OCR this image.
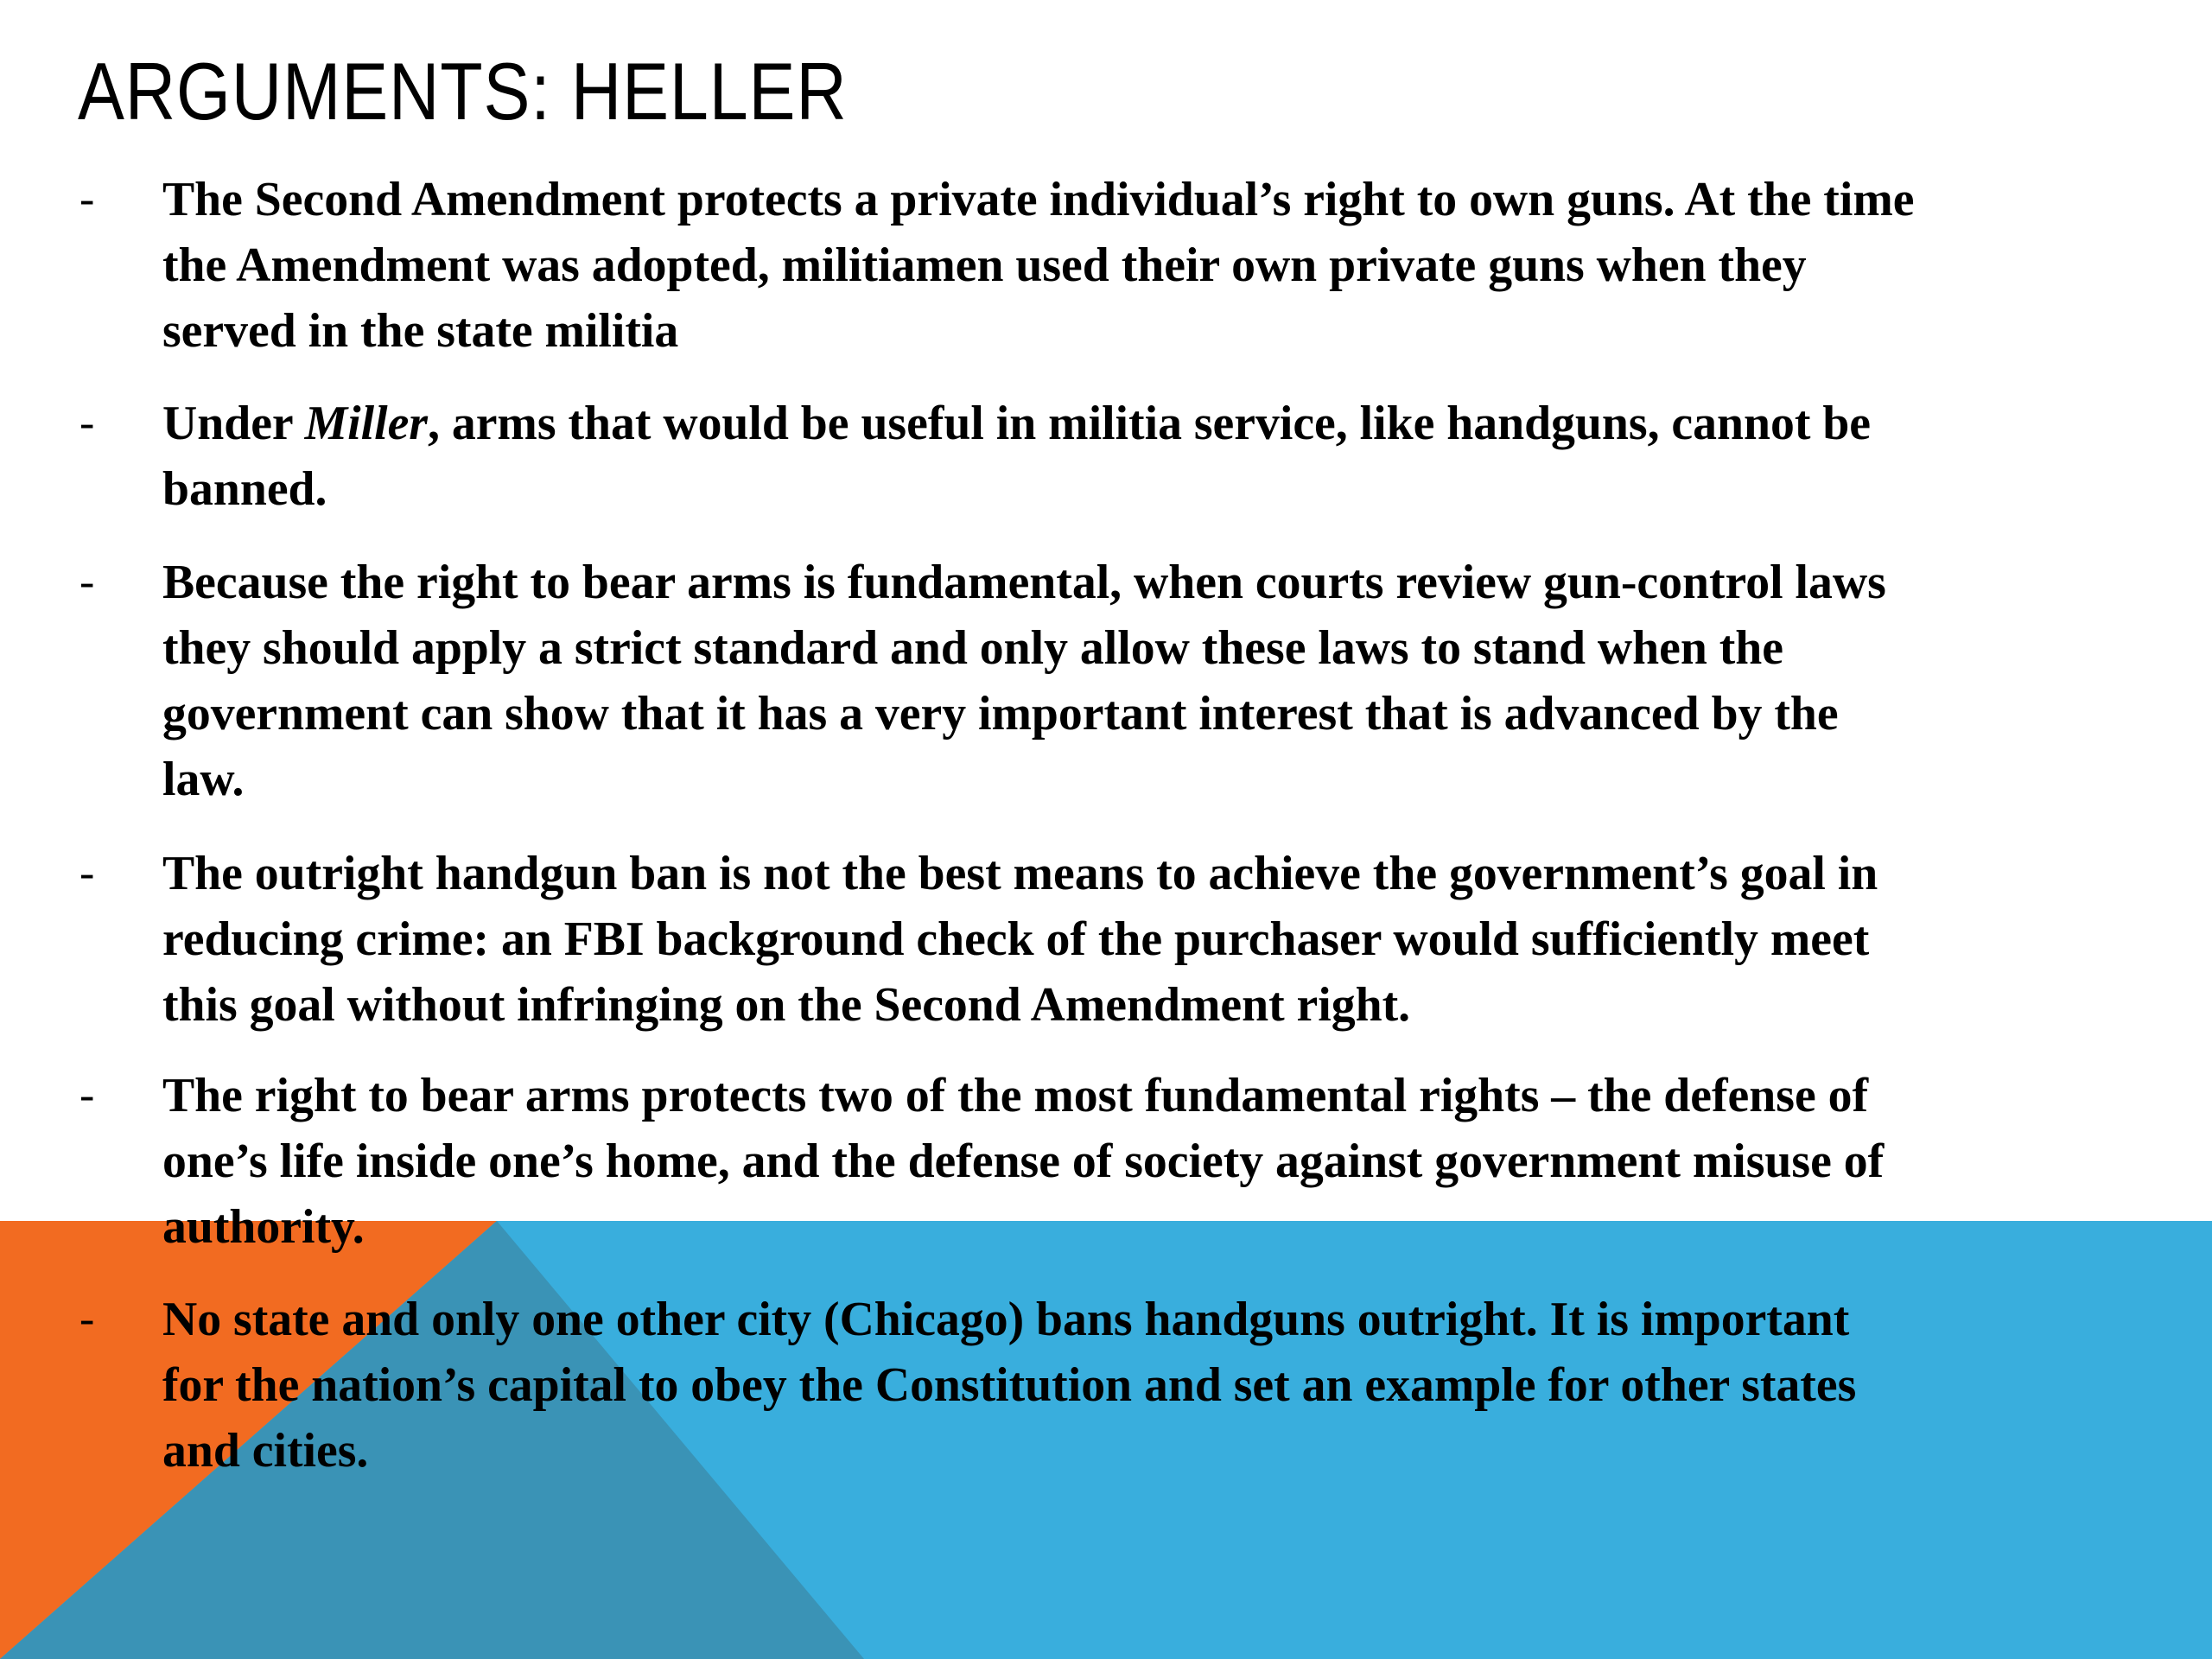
ARGUMENTS: HELLER
- The Second Amendment protects a private individual’s right to own guns. At the time
the Amendment was adopted, militiamen used their own private guns when they
served in the state militia

- Under Miller, arms that would be useful in militia service, like handguns, cannot be
banned.

- Because the right to bear arms is fundamental, when courts review gun-control laws
they should apply a strict standard and only allow these laws to stand when the
government can show that it has a very important interest that is advanced by the
law.

- The outright handgun ban is not the best means to achieve the government’s goal in
reducing crime: an FBI background check of the purchaser would sufficiently meet
this goal without infringing on the Second Amendment right.

- The right to bear arms protects two of the most fundamental rights – the defense of
one’s life inside one’s home, and the defense of society against government misuse of
authority.

- No state and only one other city (Chicago) bans handguns outright. It is important
for the nation’s capital to obey the Constitution and set an example for other states
and cities.
